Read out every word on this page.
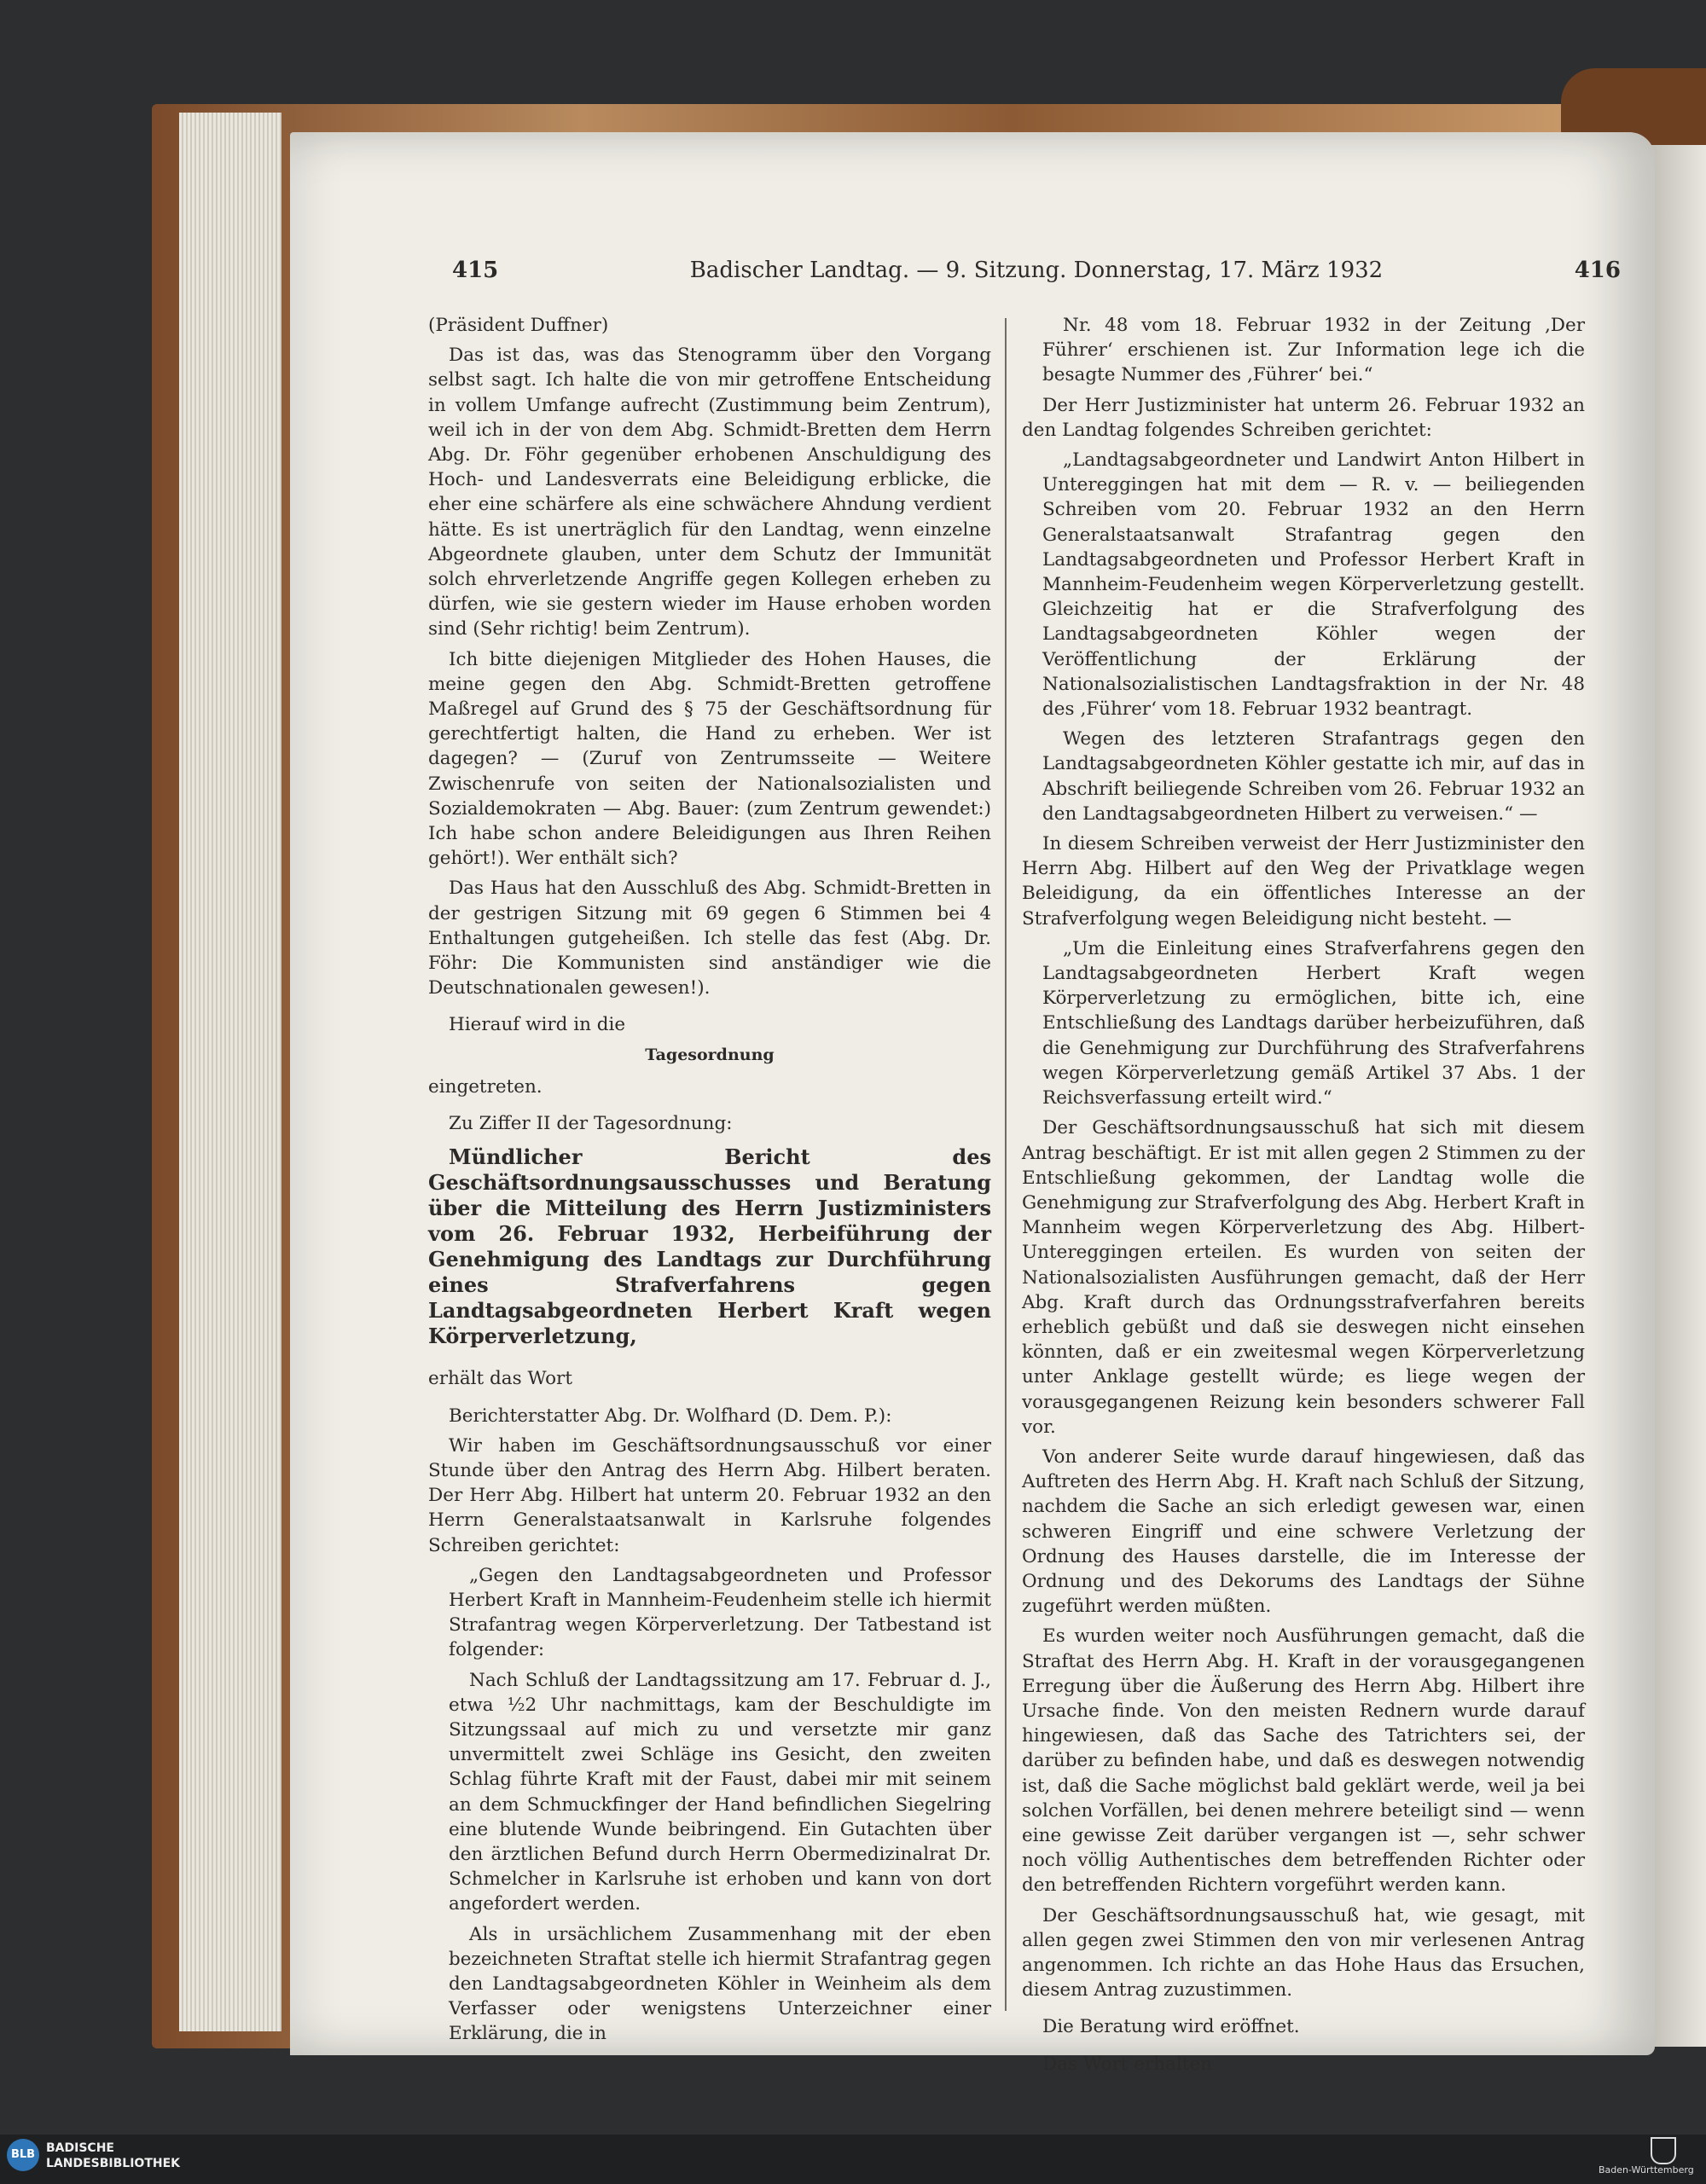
415	Badischer Landtag. — 9. Sitzung. Donnerstag, 17. März 1932	416

(Präsident Duffner)

Das ist das, was das Stenogramm über den Vorgang selbst sagt. Ich halte die von mir getroffene Entscheidung in vollem Umfange aufrecht (Zustimmung beim Zentrum), weil ich in der von dem Abg. Schmidt-Bretten dem Herrn Abg. Dr. Föhr gegenüber erhobenen Anschuldigung des Hoch- und Landesverrats eine Beleidigung erblicke, die eher eine schärfere als eine schwächere Ahndung verdient hätte. Es ist unerträglich für den Landtag, wenn einzelne Abgeordnete glauben, unter dem Schutz der Immunität solch ehrverletzende Angriffe gegen Kollegen erheben zu dürfen, wie sie gestern wieder im Hause erhoben worden sind (Sehr richtig! beim Zentrum).

Ich bitte diejenigen Mitglieder des Hohen Hauses, die meine gegen den Abg. Schmidt-Bretten getroffene Maßregel auf Grund des § 75 der Geschäftsordnung für gerechtfertigt halten, die Hand zu erheben. Wer ist dagegen? — (Zuruf von Zentrumsseite — Weitere Zwischenrufe von seiten der Nationalsozialisten und Sozialdemokraten — Abg. Bauer: (zum Zentrum gewendet:) Ich habe schon andere Beleidigungen aus Ihren Reihen gehört!). Wer enthält sich?

Das Haus hat den Ausschluß des Abg. Schmidt-Bretten in der gestrigen Sitzung mit 69 gegen 6 Stimmen bei 4 Enthaltungen gutgeheißen. Ich stelle das fest (Abg. Dr. Föhr: Die Kommunisten sind anständiger wie die Deutschnationalen gewesen!).

Hierauf wird in die

Tagesordnung

eingetreten.

Zu Ziffer II der Tagesordnung:

Mündlicher Bericht des Geschäftsordnungsausschusses und Beratung über die Mitteilung des Herrn Justizministers vom 26. Februar 1932, Herbeiführung der Genehmigung des Landtags zur Durchführung eines Strafverfahrens gegen Landtagsabgeordneten Herbert Kraft wegen Körperverletzung,

erhält das Wort

Berichterstatter Abg. Dr. Wolfhard (D. Dem. P.):

Wir haben im Geschäftsordnungsausschuß vor einer Stunde über den Antrag des Herrn Abg. Hilbert beraten. Der Herr Abg. Hilbert hat unterm 20. Februar 1932 an den Herrn Generalstaatsanwalt in Karlsruhe folgendes Schreiben gerichtet:

„Gegen den Landtagsabgeordneten und Professor Herbert Kraft in Mannheim-Feudenheim stelle ich hiermit Strafantrag wegen Körperverletzung. Der Tatbestand ist folgender:

Nach Schluß der Landtagssitzung am 17. Februar d. J., etwa ½2 Uhr nachmittags, kam der Beschuldigte im Sitzungssaal auf mich zu und versetzte mir ganz unvermittelt zwei Schläge ins Gesicht, den zweiten Schlag führte Kraft mit der Faust, dabei mir mit seinem an dem Schmuckfinger der Hand befindlichen Siegelring eine blutende Wunde beibringend. Ein Gutachten über den ärztlichen Befund durch Herrn Obermedizinalrat Dr. Schmelcher in Karlsruhe ist erhoben und kann von dort angefordert werden.

Als in ursächlichem Zusammenhang mit der eben bezeichneten Straftat stelle ich hiermit Strafantrag gegen den Landtagsabgeordneten Köhler in Weinheim als dem Verfasser oder wenigstens Unterzeichner einer Erklärung, die in

Nr. 48 vom 18. Februar 1932 in der Zeitung ‚Der Führer‘ erschienen ist. Zur Information lege ich die besagte Nummer des ‚Führer‘ bei.“

Der Herr Justizminister hat unterm 26. Februar 1932 an den Landtag folgendes Schreiben gerichtet:

„Landtagsabgeordneter und Landwirt Anton Hilbert in Untereggingen hat mit dem — R. v. — beiliegenden Schreiben vom 20. Februar 1932 an den Herrn Generalstaatsanwalt Strafantrag gegen den Landtagsabgeordneten und Professor Herbert Kraft in Mannheim-Feudenheim wegen Körperverletzung gestellt. Gleichzeitig hat er die Strafverfolgung des Landtagsabgeordneten Köhler wegen der Veröffentlichung der Erklärung der Nationalsozialistischen Landtagsfraktion in der Nr. 48 des ‚Führer‘ vom 18. Februar 1932 beantragt.

Wegen des letzteren Strafantrags gegen den Landtagsabgeordneten Köhler gestatte ich mir, auf das in Abschrift beiliegende Schreiben vom 26. Februar 1932 an den Landtagsabgeordneten Hilbert zu verweisen.“ —

In diesem Schreiben verweist der Herr Justizminister den Herrn Abg. Hilbert auf den Weg der Privatklage wegen Beleidigung, da ein öffentliches Interesse an der Strafverfolgung wegen Beleidigung nicht besteht. —

„Um die Einleitung eines Strafverfahrens gegen den Landtagsabgeordneten Herbert Kraft wegen Körperverletzung zu ermöglichen, bitte ich, eine Entschließung des Landtags darüber herbeizuführen, daß die Genehmigung zur Durchführung des Strafverfahrens wegen Körperverletzung gemäß Artikel 37 Abs. 1 der Reichsverfassung erteilt wird.“

Der Geschäftsordnungsausschuß hat sich mit diesem Antrag beschäftigt. Er ist mit allen gegen 2 Stimmen zu der Entschließung gekommen, der Landtag wolle die Genehmigung zur Strafverfolgung des Abg. Herbert Kraft in Mannheim wegen Körperverletzung des Abg. Hilbert-Untereggingen erteilen. Es wurden von seiten der Nationalsozialisten Ausführungen gemacht, daß der Herr Abg. Kraft durch das Ordnungsstrafverfahren bereits erheblich gebüßt und daß sie deswegen nicht einsehen könnten, daß er ein zweitesmal wegen Körperverletzung unter Anklage gestellt würde; es liege wegen der vorausgegangenen Reizung kein besonders schwerer Fall vor.

Von anderer Seite wurde darauf hingewiesen, daß das Auftreten des Herrn Abg. H. Kraft nach Schluß der Sitzung, nachdem die Sache an sich erledigt gewesen war, einen schweren Eingriff und eine schwere Verletzung der Ordnung des Hauses darstelle, die im Interesse der Ordnung und des Dekorums des Landtags der Sühne zugeführt werden müßten.

Es wurden weiter noch Ausführungen gemacht, daß die Straftat des Herrn Abg. H. Kraft in der vorausgegangenen Erregung über die Äußerung des Herrn Abg. Hilbert ihre Ursache finde. Von den meisten Rednern wurde darauf hingewiesen, daß das Sache des Tatrichters sei, der darüber zu befinden habe, und daß es deswegen notwendig ist, daß die Sache möglichst bald geklärt werde, weil ja bei solchen Vorfällen, bei denen mehrere beteiligt sind — wenn eine gewisse Zeit darüber vergangen ist —, sehr schwer noch völlig Authentisches dem betreffenden Richter oder den betreffenden Richtern vorgeführt werden kann.

Der Geschäftsordnungsausschuß hat, wie gesagt, mit allen gegen zwei Stimmen den von mir verlesenen Antrag angenommen. Ich richte an das Hohe Haus das Ersuchen, diesem Antrag zuzustimmen.

Die Beratung wird eröffnet.

Das Wort erhalten

BLB BADISCHE
LANDESBIBLIOTHEK	Baden-Württemberg
